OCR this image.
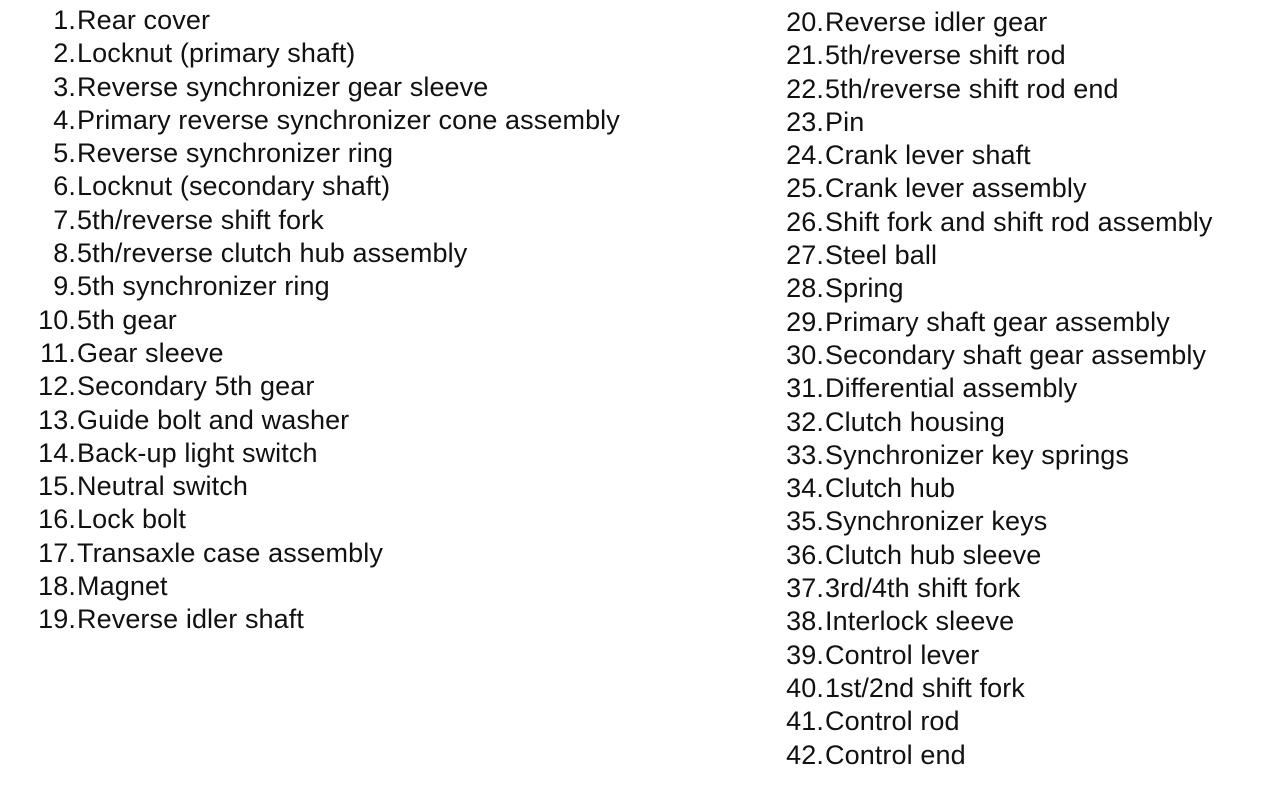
1. Rear cover
2. Locknut (primary shaft)
3. Reverse synchronizer gear sleeve
4. Primary reverse synchronizer cone assembly
5. Reverse synchronizer ring
6. Locknut (secondary shaft)
7. 5th/reverse shift fork
8. 5th/reverse clutch hub assembly
9. 5th synchronizer ring
10. 5th gear
11. Gear sleeve
12. Secondary 5th gear
13. Guide bolt and washer
14. Back-up light switch
15. Neutral switch
16. Lock bolt
17. Transaxle case assembly
18. Magnet
19. Reverse idler shaft
20. Reverse idler gear
21. 5th/reverse shift rod
22. 5th/reverse shift rod end
23. Pin
24. Crank lever shaft
25. Crank lever assembly
26. Shift fork and shift rod assembly
27. Steel ball
28. Spring
29. Primary shaft gear assembly
30. Secondary shaft gear assembly
31. Differential assembly
32. Clutch housing
33. Synchronizer key springs
34. Clutch hub
35. Synchronizer keys
36. Clutch hub sleeve
37. 3rd/4th shift fork
38. Interlock sleeve
39. Control lever
40. 1st/2nd shift fork
41. Control rod
42. Control end
